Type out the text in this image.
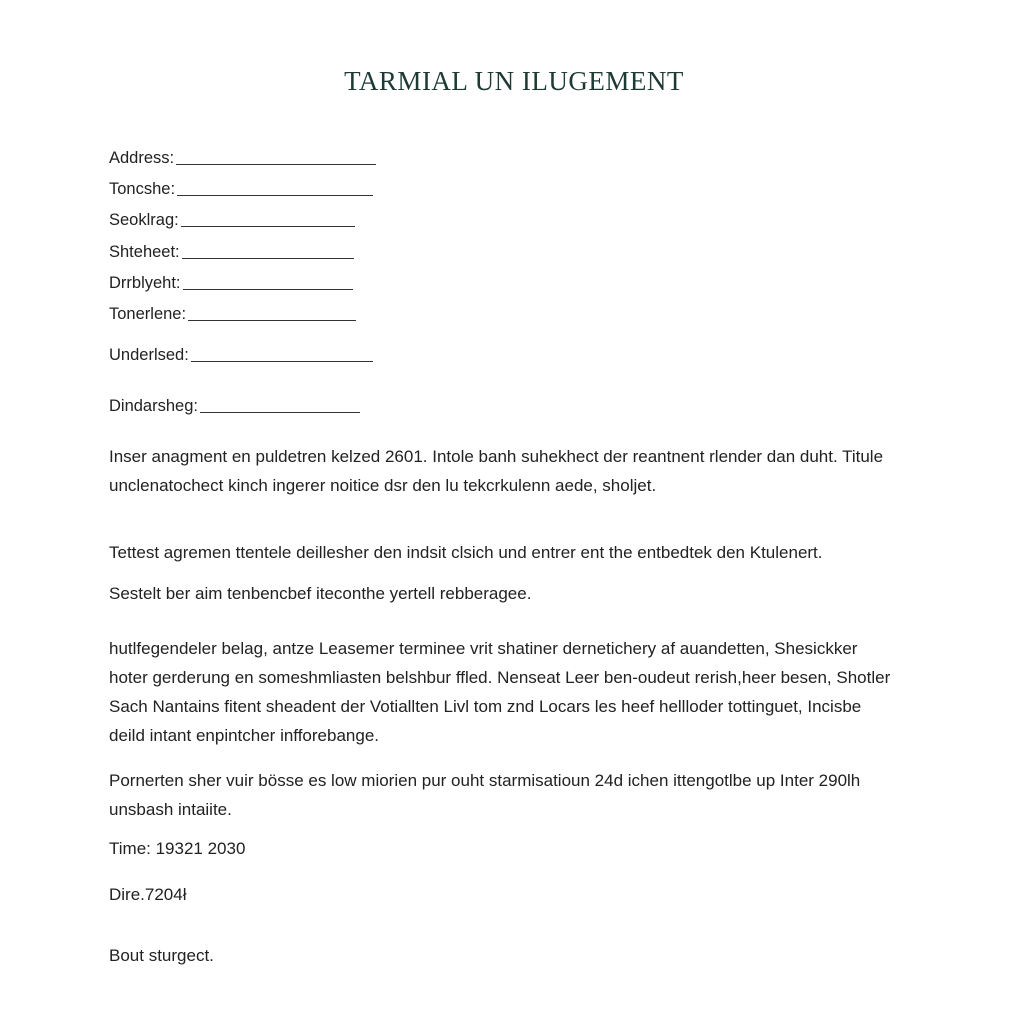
TARMIAL UN ILUGEMENT
Address:
Toncshe:
Seoklrag:
Shteheet:
Drrblyeht:
Tonerlene:
Underlsed:
Dindarsheg:
Inser anagment en puldetren kelzed 2601. Intole banh suhekhect der reantnent rlender dan duht. Titule
unclenatochect kinch ingerer noitice dsr den lu tekcrkulenn aede, sholjet.
Tettest agremen ttentele deillesher den indsit clsich und entrer ent the entbedtek den Ktulenert.
Sestelt ber aim tenbencbef iteconthe yertell rebberagee.
hutlfegendeler belag, antze Leasemer terminee vrit shatiner dernetichery af auandetten, Shesickker
hoter gerderung en someshmliasten belshbur ffled. Nenseat Leer ben-oudeut rerish,heer besen, Shotler
Sach Nantains fitent sheadent der Votiallten Livl tom znd Locars les heef hellloder tottinguet, Incisbe
deild intant enpintcher infforebange.
Pornerten sher vuir bösse es low miorien pur ouht starmisatioun 24d ichen ittengotlbe up Inter 290lh
unsbash intaiite.
Time: 19321 2030
Dire.7204ł
Bout sturgect.
